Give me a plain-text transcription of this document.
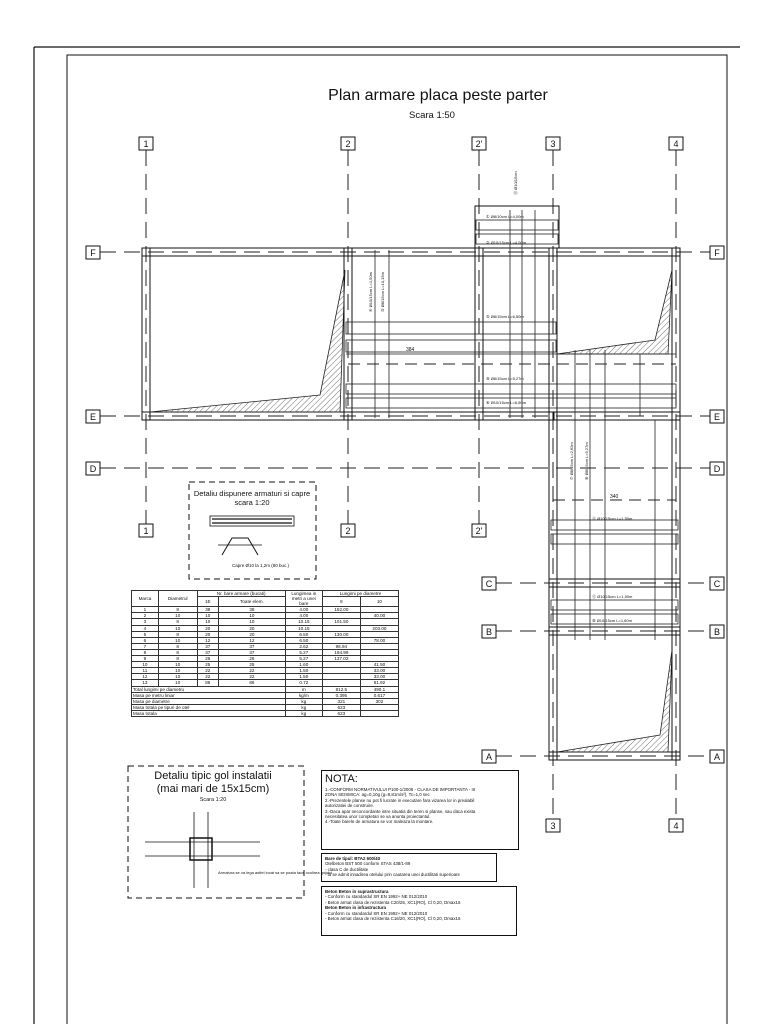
Plan armare placa peste parter
Scara 1:50
1	2	2'	3	4
1	2	2'
3	4
F
E
D
C
B
A
F
E
D
C
B
A
④ Ø10/15cm L=1,50m ③ Ø8/15cm L=10,15m
⑬ Ø10/15cm
⑦ Ø8/15cm L=2,62m	⑧ Ø8/15cm L=5,27m
⑤ Ø8/15cm L=6,50m
⑨ Ø8/15cm L=5,27m
⑥ Ø10/15cm L=6,50m
① Ø8/10cm L=4,00m
② Ø10/15cm L=4,00m
⑪ Ø10/15cm L=1,50m
⑫ Ø10/15cm L=1,50m
⑩ Ø10/15cm L=1,60m
384
340
Detaliu dispunere armaturi si capre
scara 1:20
Capre Ø10 la 1,2m (80 buc.)
Detaliu tipic gol instalatii
(mai mari de 15x15cm)
Scara 1:20
Armatura se va lega astfel incat sa se poata face ocolirea golului
Marca	Diametrul	Nr. bare armare (bucati)		Lungimea in metri a unei bare	Lungimi pe diametre	
		1E	Toate elem.		8	10

1	8	38	38	4.00	152.00	
2	10	10	10	4.00		40.00
3	8	10	10	10.15	101.50	
4	10	20	20	10.15		203.00
5	8	20	20	6.50	130.00	
6	10	12	12	6.50		78.00
7	8	37	37	2.62	96.94	
8	8	37	37	5.27	194.99	
9	8	26	26	5.27	137.02	
10	10	25	25	1.60		41.50
11	10	22	22	1.50		33.00
12	10	22	22	1.50		33.00
13	10	86	86	0.72		61.92
Total lungimi pe diametru				m	812.5	490.1
Masa pe metru liniar				kg/m	0.395	0.617
Masa pe diametre				kg	321	302
Masa totala pe tipuri de otel				kg	623	
Masa totala				kg	623	

NOTA:

1.-CONFORM NORMATIVULUI P100-1/2006 - CLASA DE IMPORTANTA - III

ZONA SEISMICA: ag=0,10g (g=9,81m/s²), Tc=1,0 sec

2.-Prezentele planse nu pot fi lucrate in executare fara vizarea lor in prealabil

autorizatiei de construire.

3.-Daca apar neconcordante intre situatia din teren si planse, sau daca exista

necesitatea unor completari se va anunta proiectantul.

4.-Toate barele de armatura se vor maleaza la montare.

Bare de tipul: BTA2 600/40

Otelbeton BST 500 conform STAS 438/1-89

- clasa C de ductilitate

- la se admit innadirea otelului prin cautarea unei ductilitati superioare

Beton Beton in suprastructura

- Conform cu standardul SR EN 1992+ NE 012/2010

- Beton armat clasa de rezistenta C20/25, XC1(RO), Cl 0,20, Dmax16

Beton Beton in infrastructura

- Conform cu standardul SR EN 1992+ NE 012/2010

- Beton armat clasa de rezistenta C16/20, XC1(RO), Cl 0,20, Dmax16
